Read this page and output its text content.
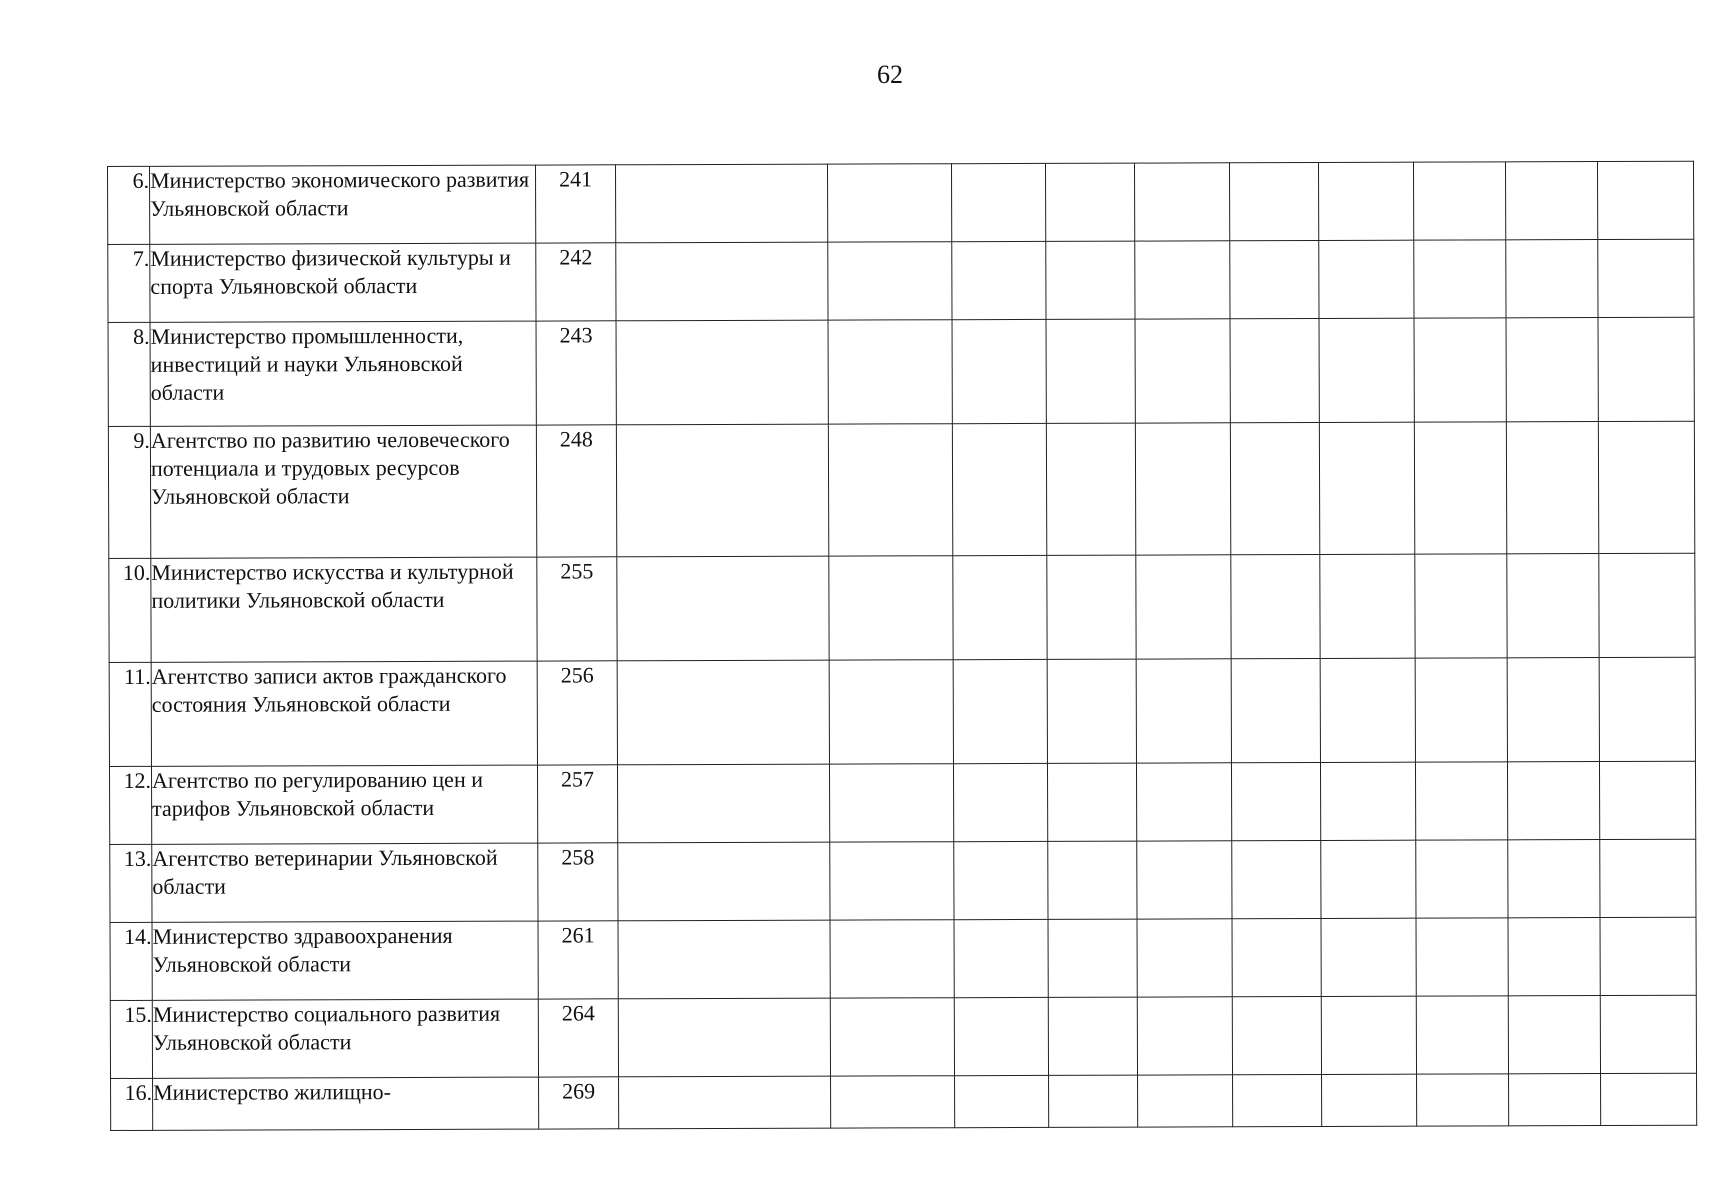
62
6.	Министерство экономического развития Ульяновской области	241										
7.	Министерство физической культуры и спорта Ульяновской области	242										
8.	Министерство промышленности, инвестиций и науки Ульяновской области	243										
9.	Агентство по развитию человеческого потенциала и трудовых ресурсов Ульяновской области	248										
10.	Министерство искусства и культурной политики Ульяновской области	255										
11.	Агентство записи актов гражданского состояния Ульяновской области	256										
12.	Агентство по регулированию цен и тарифов Ульяновской области	257										
13.	Агентство ветеринарии Ульяновской области	258										
14.	Министерство здравоохранения Ульяновской области	261										
15.	Министерство социального развития Ульяновской области	264										
16.	Министерство жилищно-	269										
